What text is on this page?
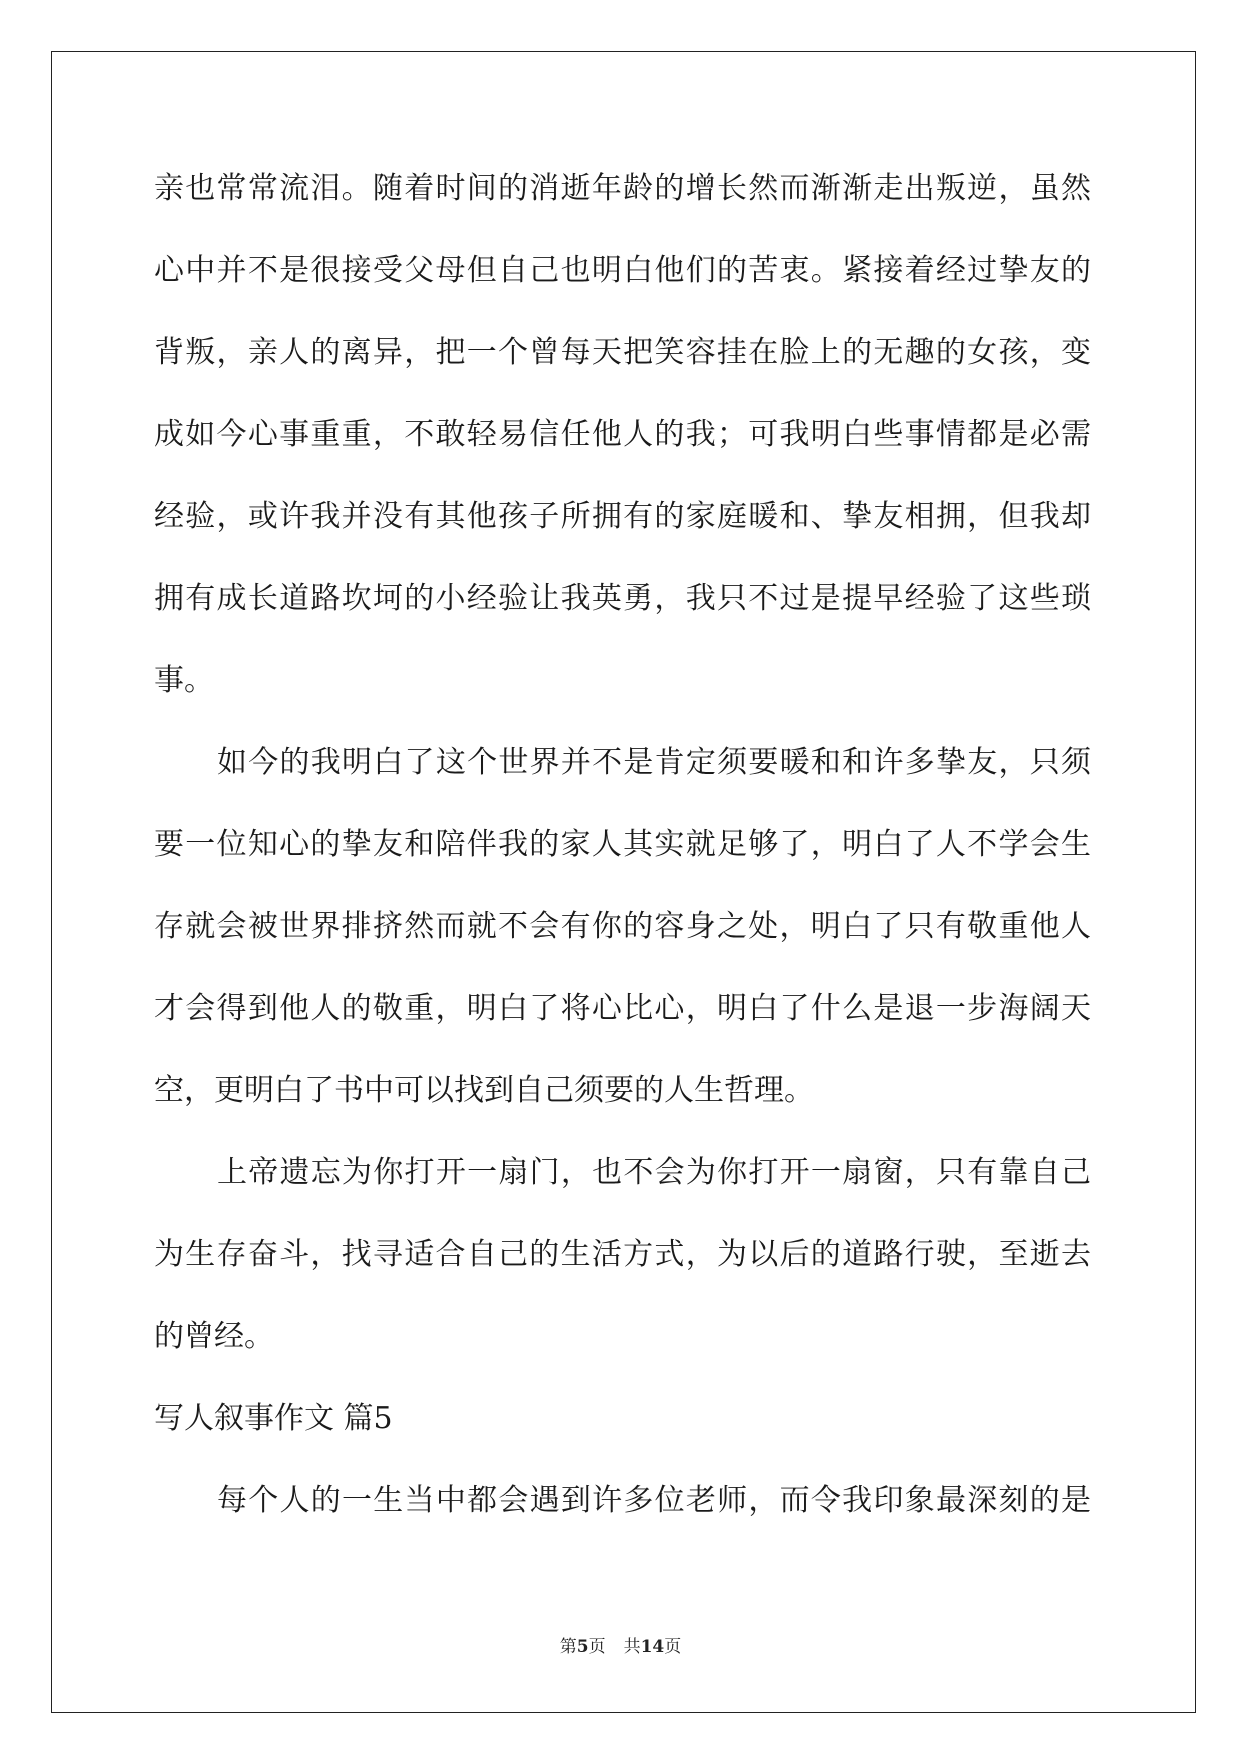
亲也常常流泪。随着时间的消逝年龄的增长然而渐渐走出叛逆，虽然
心中并不是很接受父母但自己也明白他们的苦衷。紧接着经过挚友的
背叛，亲人的离异，把一个曾每天把笑容挂在脸上的无趣的女孩，变
成如今心事重重，不敢轻易信任他人的我；可我明白些事情都是必需
经验，或许我并没有其他孩子所拥有的家庭暖和、挚友相拥，但我却
拥有成长道路坎坷的小经验让我英勇，我只不过是提早经验了这些琐
事。
如今的我明白了这个世界并不是肯定须要暖和和许多挚友，只须
要一位知心的挚友和陪伴我的家人其实就足够了，明白了人不学会生
存就会被世界排挤然而就不会有你的容身之处，明白了只有敬重他人
才会得到他人的敬重，明白了将心比心，明白了什么是退一步海阔天
空，更明白了书中可以找到自己须要的人生哲理。
上帝遗忘为你打开一扇门，也不会为你打开一扇窗，只有靠自己
为生存奋斗，找寻适合自己的生活方式，为以后的道路行驶，至逝去
的曾经。
写人叙事作文 篇5
每个人的一生当中都会遇到许多位老师，而令我印象最深刻的是
第5页 共14页
